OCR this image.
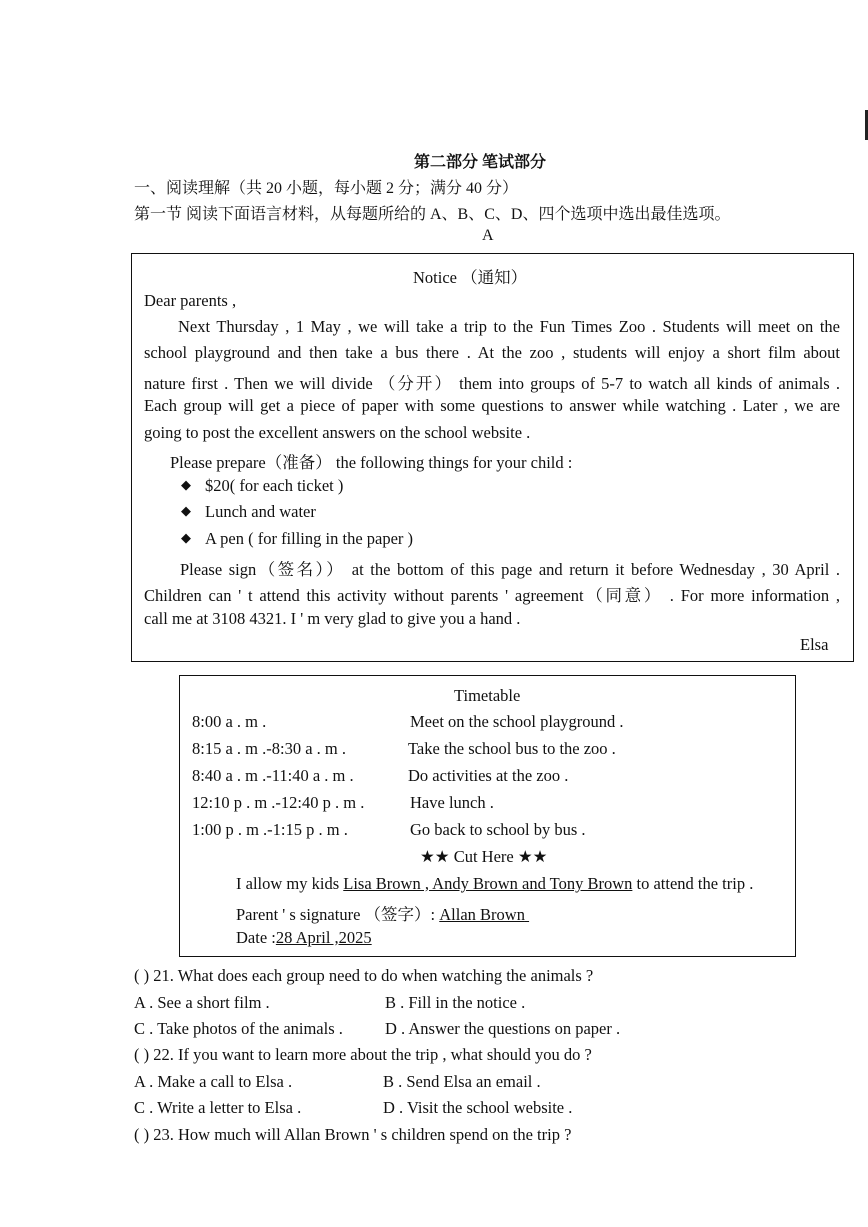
第二部分 笔试部分
一、阅读理解（共 20 小题，每小题 2 分；满分 40 分）
第一节 阅读下面语言材料，从每题所给的 A、B、C、D、四个选项中选出最佳选项。
A
Notice （通知）
Dear parents ,
Next Thursday , 1 May , we will take a trip to the Fun Times Zoo . Students will meet on the
school playground and then take a bus there . At the zoo , students will enjoy a short film about
nature first . Then we will divide （分开） them into groups of 5-7 to watch all kinds of animals .
Each group will get a piece of paper with some questions to answer while watching . Later , we are
going to post the excellent answers on the school website .
Please prepare（准备） the following things for your child :
◆ $20( for each ticket )
◆ Lunch and water
◆ A pen ( for filling in the paper )
Please sign（签名）） at the bottom of this page and return it before Wednesday , 30 April .
Children can ' t attend this activity without parents ' agreement（同意） . For more information ,
call me at 3108 4321. I ' m very glad to give you a hand .
Elsa
Timetable
8:00 a . m .	Meet on the school playground .
8:15 a . m .-8:30 a . m .	Take the school bus to the zoo .
8:40 a . m .-11:40 a . m .	Do activities at the zoo .
12:10 p . m .-12:40 p . m .	Have lunch .
1:00 p . m .-1:15 p . m .	Go back to school by bus .
★★ Cut Here ★★
I allow my kids Lisa Brown , Andy Brown and Tony Brown to attend the trip .
Parent ' s signature （签字）: Allan Brown
Date :28 April ,2025
( ) 21. What does each group need to do when watching the animals ?
A . See a short film .	B . Fill in the notice .
C . Take photos of the animals .	D . Answer the questions on paper .
( ) 22. If you want to learn more about the trip , what should you do ?
A . Make a call to Elsa .	B . Send Elsa an email .
C . Write a letter to Elsa .	D . Visit the school website .
( ) 23. How much will Allan Brown ' s children spend on the trip ?
